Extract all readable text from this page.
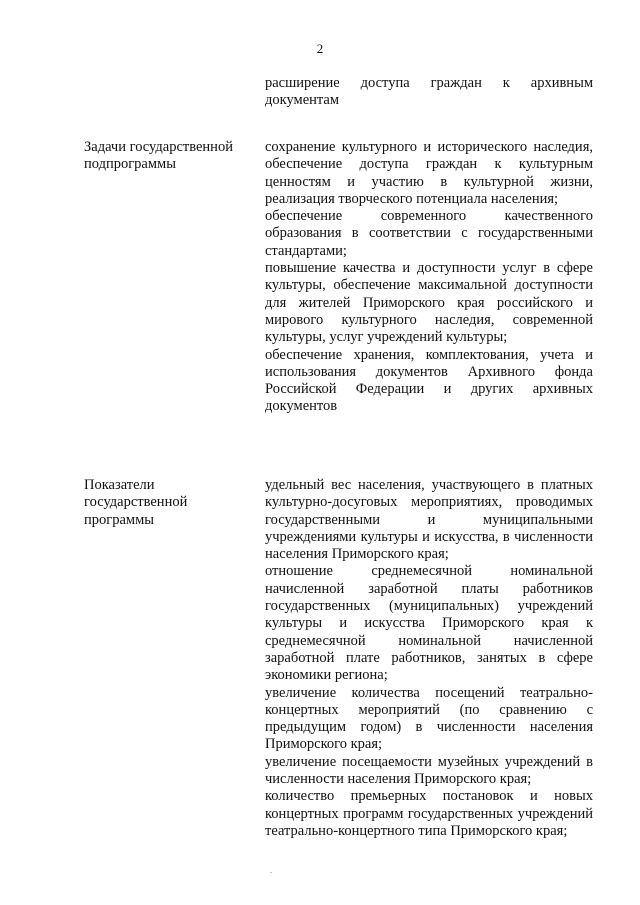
2

расширение доступа граждан к архивным документам

Задачи государственной подпрограммы

сохранение культурного и исторического наследия, обеспечение доступа граждан к культурным ценностям и участию в культурной жизни, реализация творческого потенциала населения;

обеспечение современного качественного образования в соответствии с государственными стандартами;

повышение качества и доступности услуг в сфере культуры, обеспечение максимальной доступности для жителей Приморского края российского и мирового культурного наследия, современной культуры, услуг учреждений культуры;

обеспечение хранения, комплектования, учета и использования документов Архивного фонда Российской Федерации и других архивных документов

Показатели государственной программы

удельный вес населения, участвующего в платных культурно-досуговых мероприятиях, проводимых государственными и муниципальными учреждениями культуры и искусства, в численности населения Приморского края;

отношение среднемесячной номинальной начисленной заработной платы работников государственных (муниципальных) учреждений культуры и искусства Приморского края к среднемесячной номинальной начисленной заработной плате работников, занятых в сфере экономики региона;

увеличение количества посещений театрально-концертных мероприятий (по сравнению с предыдущим годом) в численности населения Приморского края;

увеличение посещаемости музейных учреждений в численности населения Приморского края;

количество премьерных постановок и новых концертных программ государственных учреждений театрально-концертного типа Приморского края;

.
